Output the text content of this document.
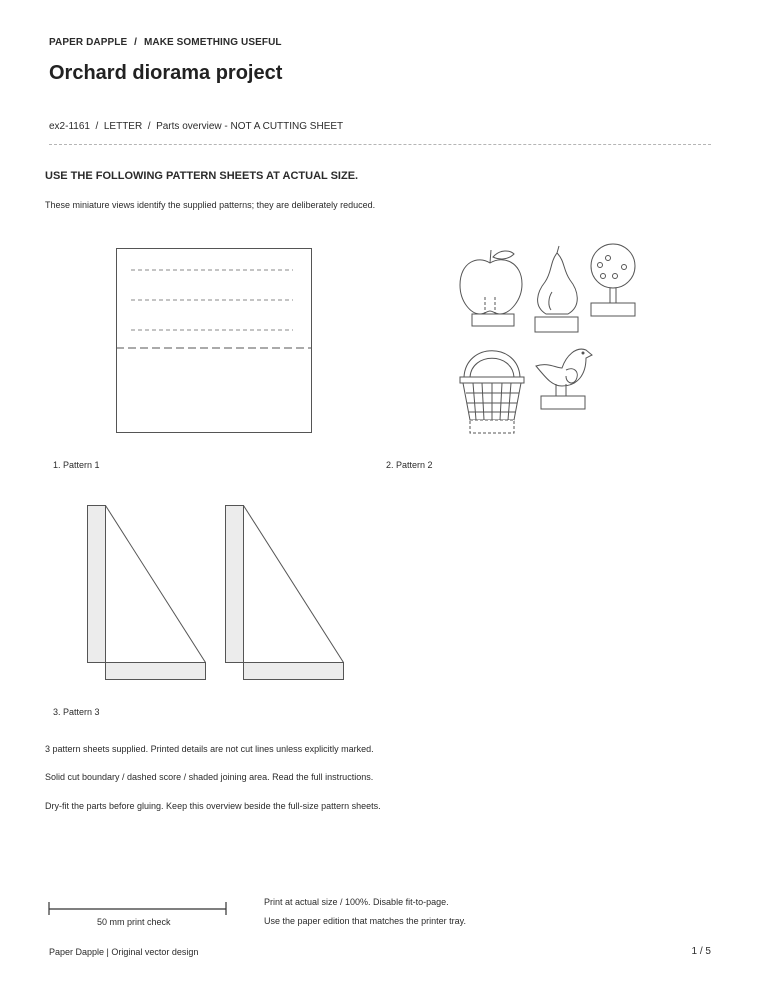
PAPER DAPPLE / MAKE SOMETHING USEFUL
Orchard diorama project
ex2-1161  /  LETTER  /  Parts overview - NOT A CUTTING SHEET
USE THE FOLLOWING PATTERN SHEETS AT ACTUAL SIZE.
These miniature views identify the supplied patterns; they are deliberately reduced.
1. Pattern 1	2. Pattern 2
3. Pattern 3
3 pattern sheets supplied. Printed details are not cut lines unless explicitly marked.
Solid cut boundary / dashed score / shaded joining area. Read the full instructions.
Dry-fit the parts before gluing. Keep this overview beside the full-size pattern sheets.
50 mm print check
Print at actual size / 100%. Disable fit-to-page.
Use the paper edition that matches the printer tray.
Paper Dapple | Original vector design	1 / 5
